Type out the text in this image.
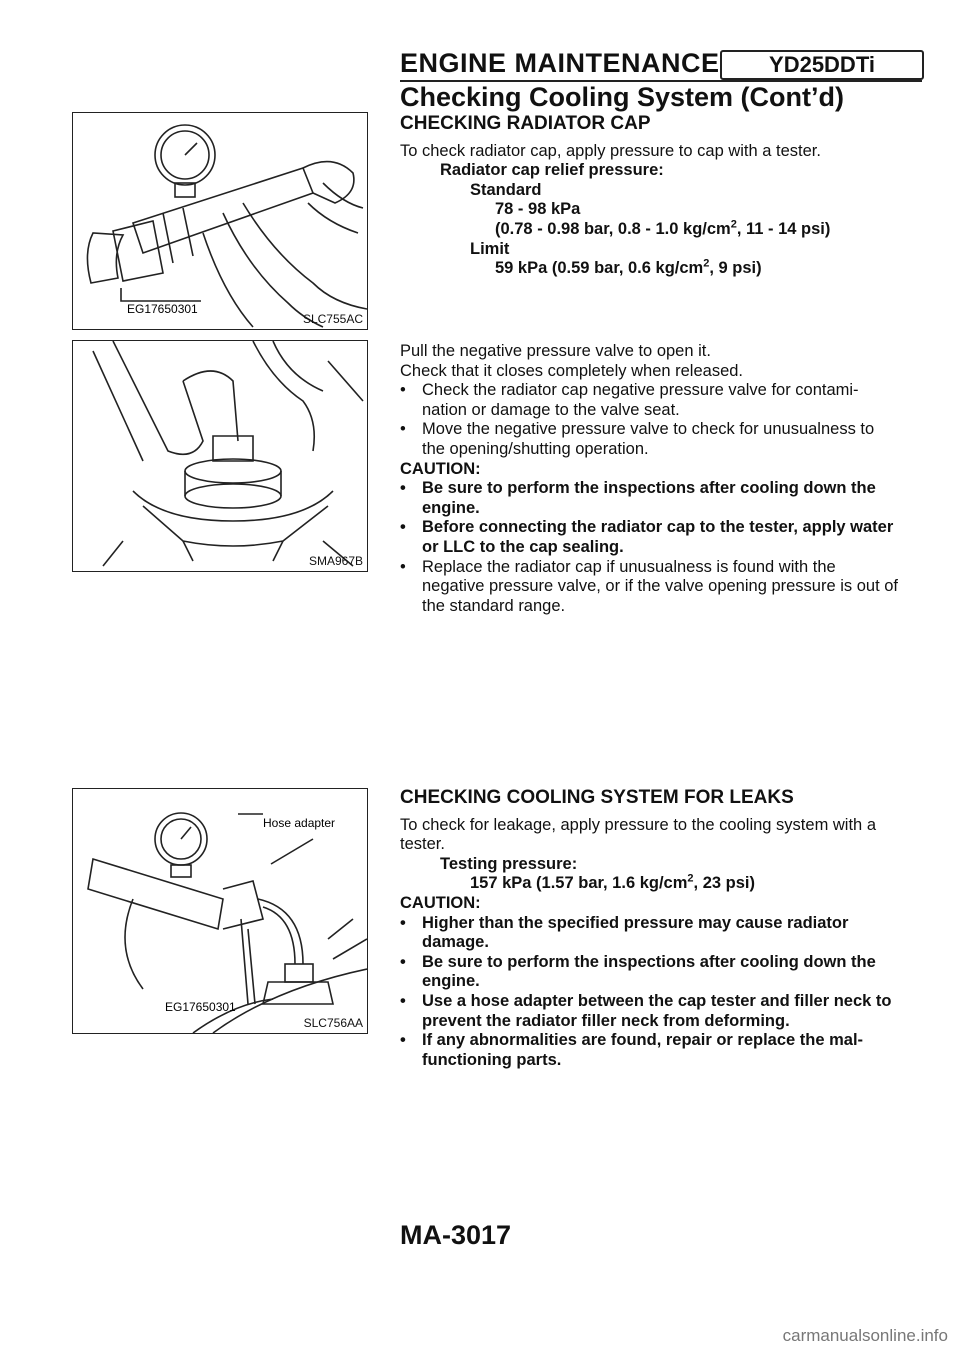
ENGINE MAINTENANCE	YD25DDTi
Checking Cooling System (Cont’d)
EG17650301
SLC755AC
SMA967B
Hose adapter
EG17650301
SLC756AA

CHECKING RADIATOR CAP

To check radiator cap, apply pressure to cap with a tester.

Radiator cap relief pressure:

Standard

78 - 98 kPa

(0.78 - 0.98 bar, 0.8 - 1.0 $kg/cm^2$, 11 - 14 psi)

Limit

59 kPa (0.59 bar, 0.6 $kg/cm^2$, 9 psi)

Pull the negative pressure valve to open it.

Check that it closes completely when released.

• Check the radiator cap negative pressure valve for contami- nation or damage to the valve seat.

• Move the negative pressure valve to check for unusualness to the opening/shutting operation.

CAUTION:

• Be sure to perform the inspections after cooling down the engine.

• Before connecting the radiator cap to the tester, apply water or LLC to the cap sealing.

• Replace the radiator cap if unusualness is found with the negative pressure valve, or if the valve opening pressure is out of the standard range.

CHECKING COOLING SYSTEM FOR LEAKS

To check for leakage, apply pressure to the cooling system with a tester.

Testing pressure:

157 kPa (1.57 bar, 1.6 $kg/cm^2$, 23 psi)

CAUTION:

• Higher than the specified pressure may cause radiator damage.

• Be sure to perform the inspections after cooling down the engine.

• Use a hose adapter between the cap tester and filler neck to prevent the radiator filler neck from deforming.

• If any abnormalities are found, repair or replace the mal- functioning parts.

MA-3017
carmanualsonline.info
